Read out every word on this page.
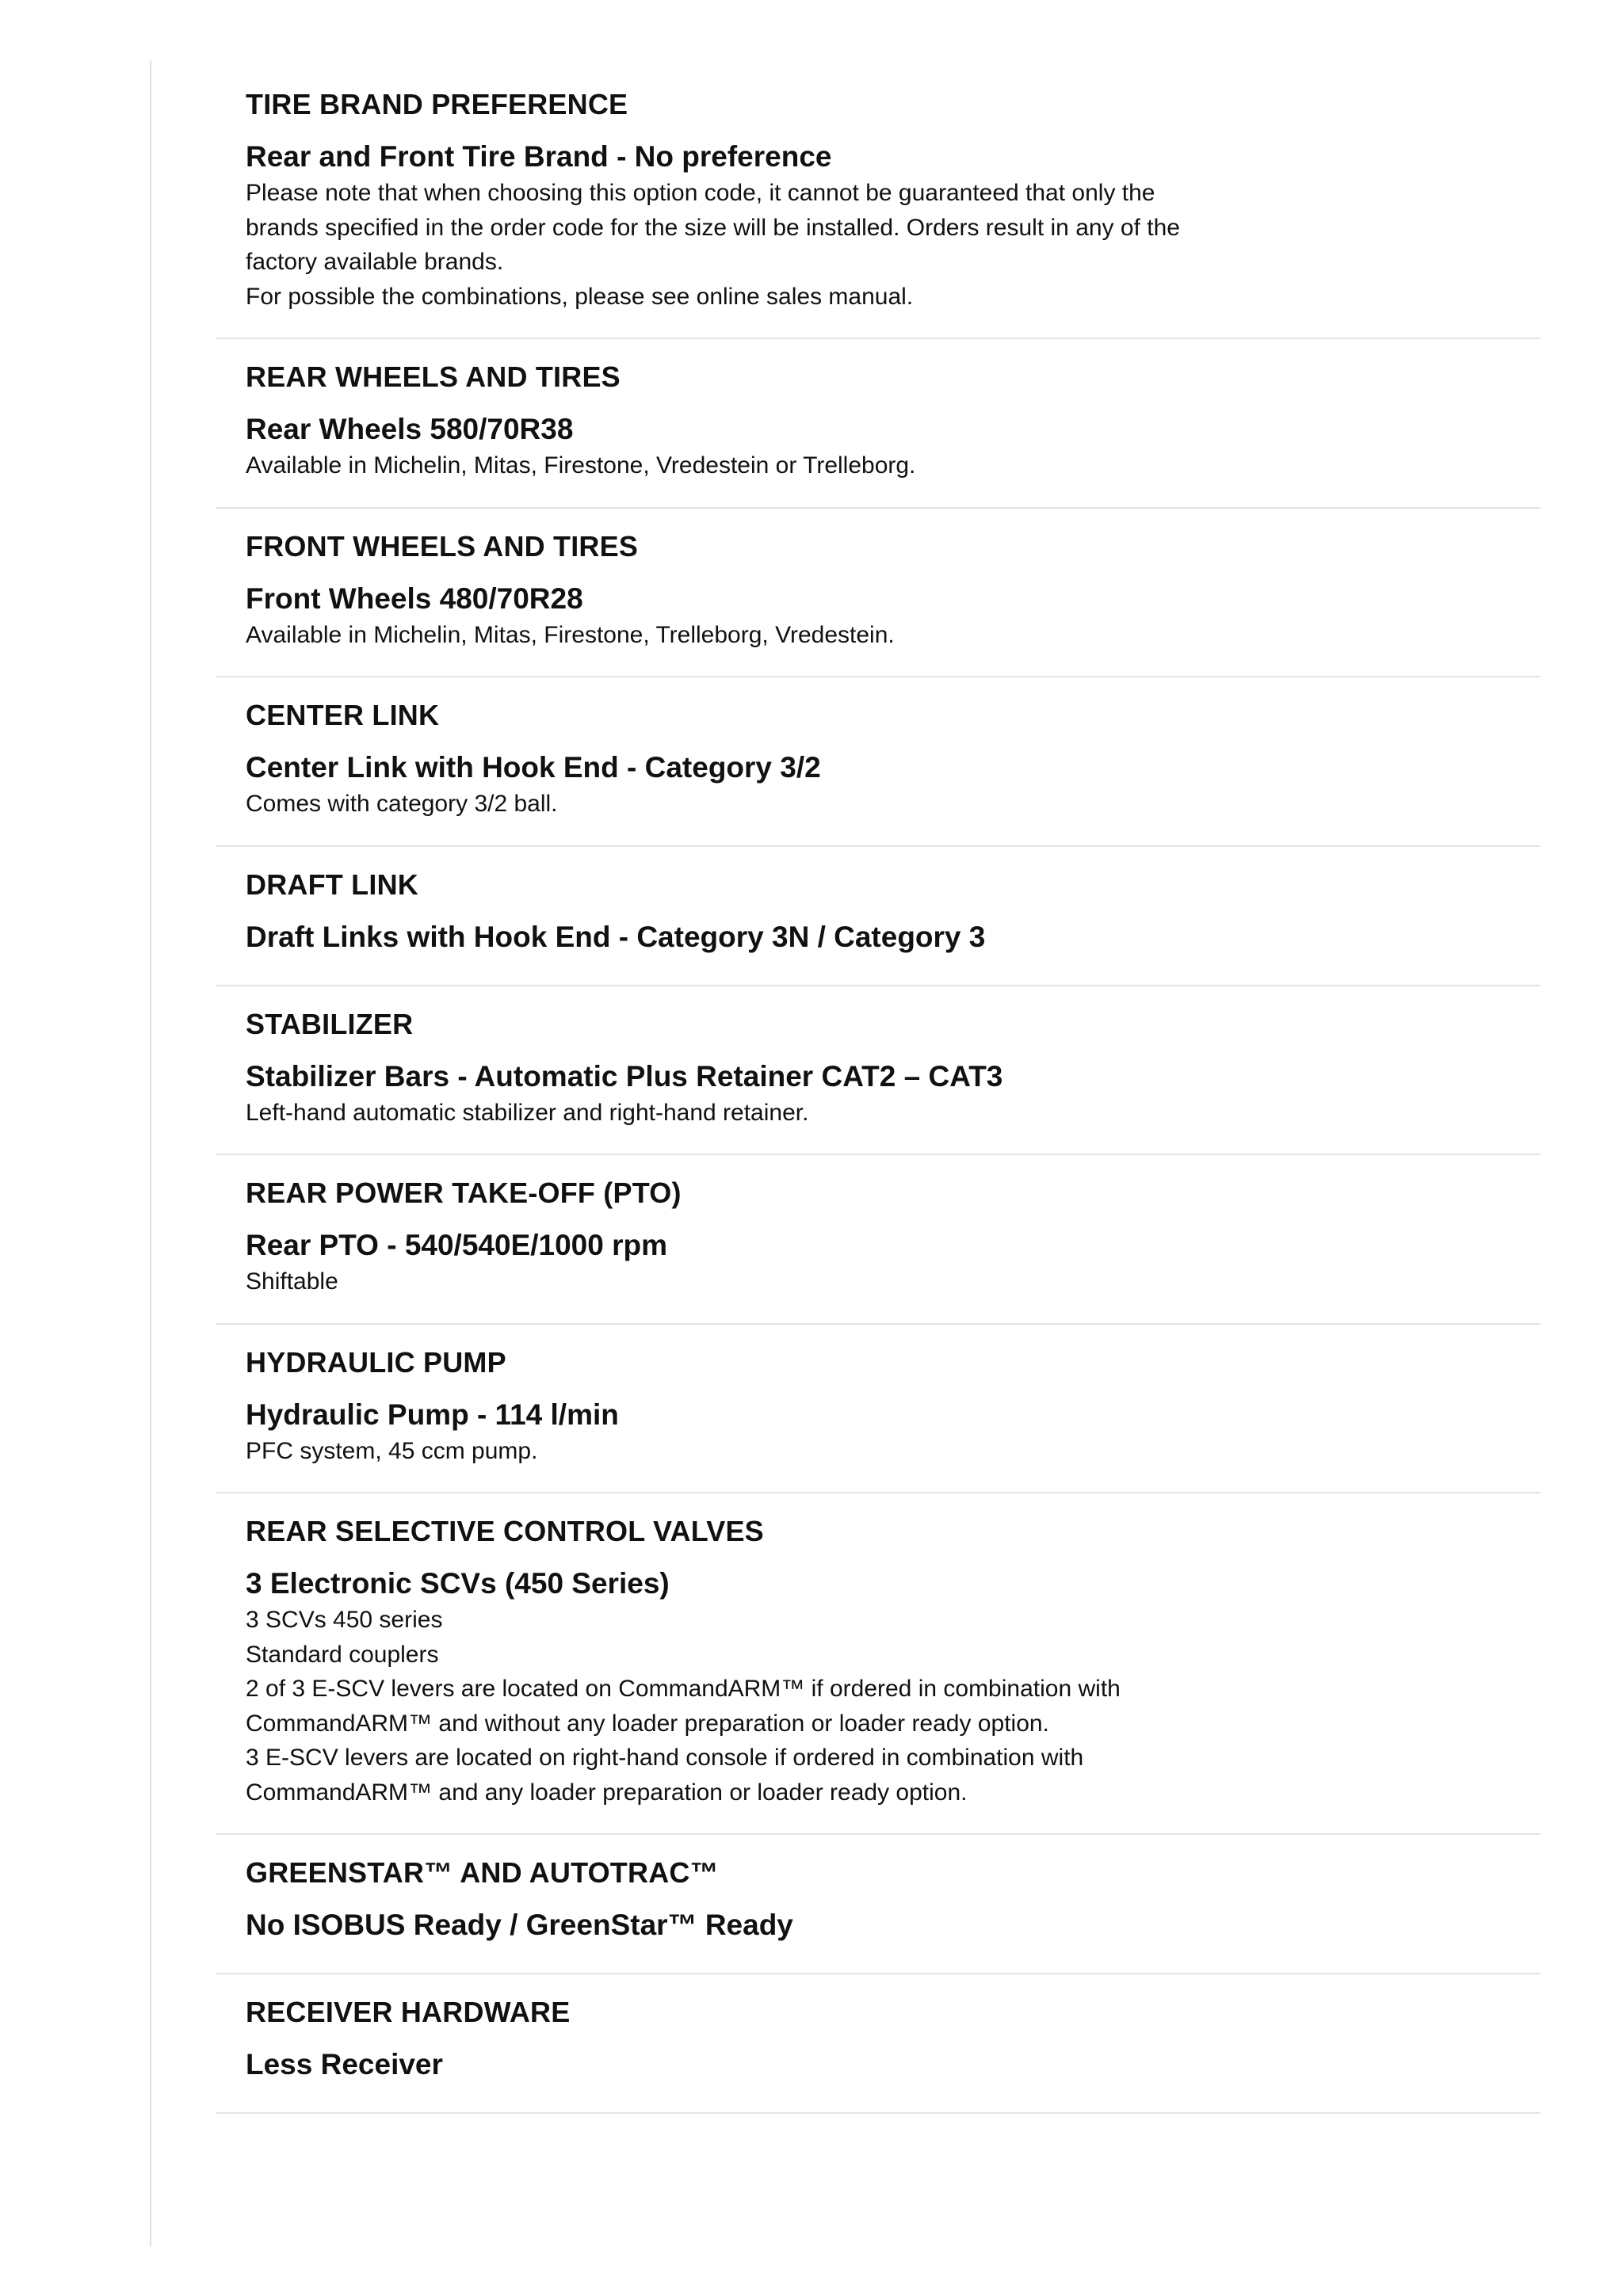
TIRE BRAND PREFERENCE
Rear and Front Tire Brand - No preference
Please note that when choosing this option code, it cannot be guaranteed that only the
brands specified in the order code for the size will be installed. Orders result in any of the
factory available brands.
For possible the combinations, please see online sales manual.
REAR WHEELS AND TIRES
Rear Wheels 580/70R38
Available in Michelin, Mitas, Firestone, Vredestein or Trelleborg.
FRONT WHEELS AND TIRES
Front Wheels 480/70R28
Available in Michelin, Mitas, Firestone, Trelleborg, Vredestein.
CENTER LINK
Center Link with Hook End - Category 3/2
Comes with category 3/2 ball.
DRAFT LINK
Draft Links with Hook End - Category 3N / Category 3
STABILIZER
Stabilizer Bars - Automatic Plus Retainer CAT2 – CAT3
Left-hand automatic stabilizer and right-hand retainer.
REAR POWER TAKE-OFF (PTO)
Rear PTO - 540/540E/1000 rpm
Shiftable
HYDRAULIC PUMP
Hydraulic Pump - 114 l/min
PFC system, 45 ccm pump.
REAR SELECTIVE CONTROL VALVES
3 Electronic SCVs (450 Series)
3 SCVs 450 series
Standard couplers
2 of 3 E-SCV levers are located on CommandARM™ if ordered in combination with
CommandARM™ and without any loader preparation or loader ready option.
3 E-SCV levers are located on right-hand console if ordered in combination with
CommandARM™ and any loader preparation or loader ready option.
GREENSTAR™ AND AUTOTRAC™
No ISOBUS Ready / GreenStar™ Ready
RECEIVER HARDWARE
Less Receiver
